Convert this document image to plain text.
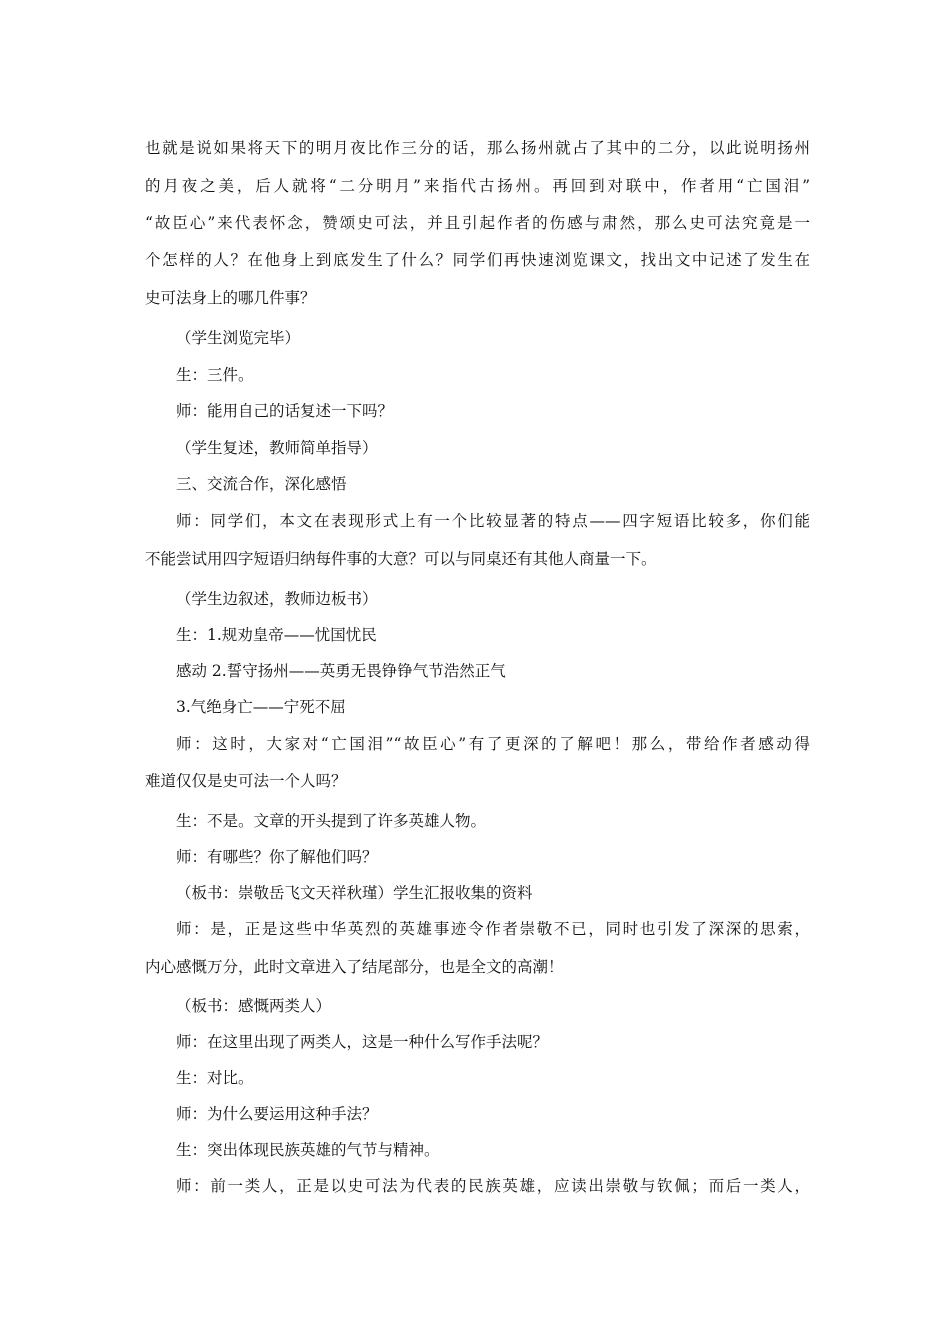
也就是说如果将天下的明月夜比作三分的话，那么扬州就占了其中的二分，以此说明扬州
的月夜之美，后人就将“二分明月”来指代古扬州。再回到对联中，作者用“亡国泪”
“故臣心”来代表怀念，赞颂史可法，并且引起作者的伤感与肃然，那么史可法究竟是一
个怎样的人？在他身上到底发生了什么？同学们再快速浏览课文，找出文中记述了发生在
史可法身上的哪几件事？
（学生浏览完毕）
生：三件。
师：能用自己的话复述一下吗？
（学生复述，教师简单指导）
三、交流合作，深化感悟
师：同学们，本文在表现形式上有一个比较显著的特点——四字短语比较多，你们能
不能尝试用四字短语归纳每件事的大意？可以与同桌还有其他人商量一下。
（学生边叙述，教师边板书）
生：1.规劝皇帝——忧国忧民
感动 2.誓守扬州——英勇无畏铮铮气节浩然正气
3.气绝身亡——宁死不屈
师：这时，大家对“亡国泪”“故臣心”有了更深的了解吧！那么，带给作者感动得
难道仅仅是史可法一个人吗？
生：不是。文章的开头提到了许多英雄人物。
师：有哪些？你了解他们吗？
（板书：崇敬岳飞文天祥秋瑾）学生汇报收集的资料
师：是，正是这些中华英烈的英雄事迹令作者崇敬不已，同时也引发了深深的思索，
内心感慨万分，此时文章进入了结尾部分，也是全文的高潮！
（板书：感慨两类人）
师：在这里出现了两类人，这是一种什么写作手法呢？
生：对比。
师：为什么要运用这种手法？
生：突出体现民族英雄的气节与精神。
师：前一类人，正是以史可法为代表的民族英雄，应读出崇敬与钦佩；而后一类人，
